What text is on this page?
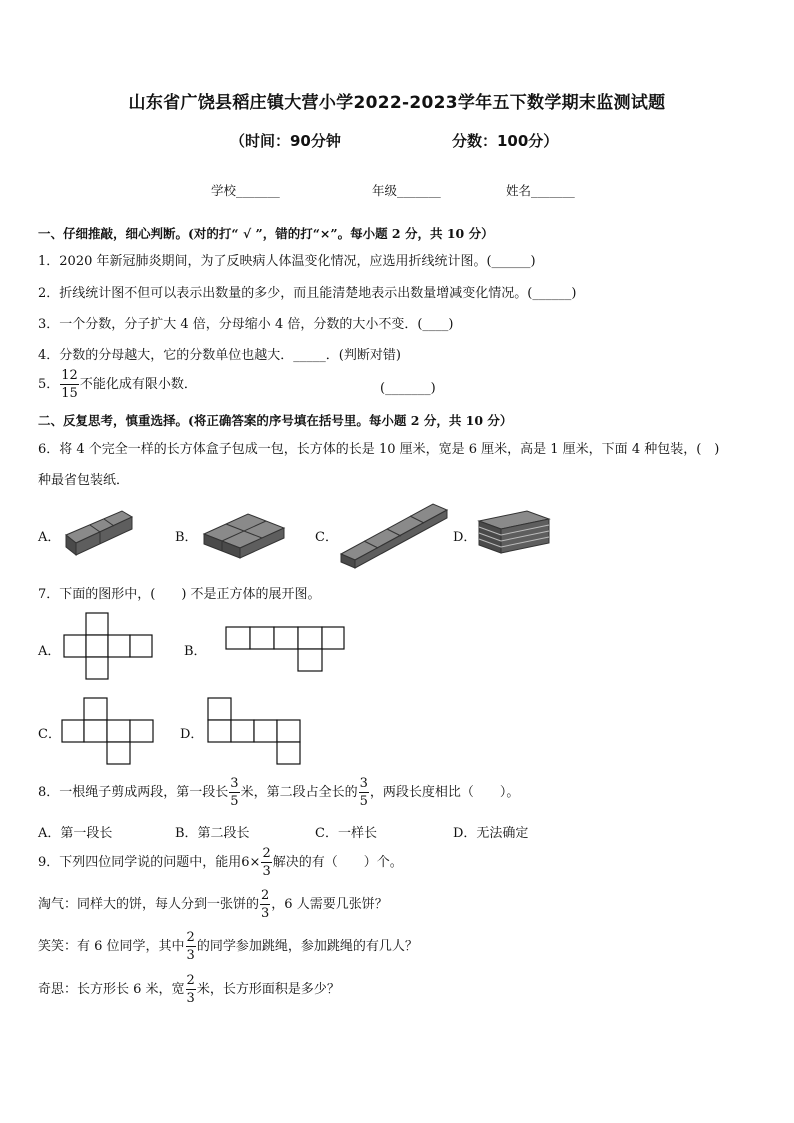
山东省广饶县稻庄镇大营小学2022-2023学年五下数学期末监测试题
（时间：90分钟	分数：100分）
学校_______	年级_______	姓名_______
一、仔细推敲，细心判断。(对的打“ √ ”，错的打“×”。每小题 2 分，共 10 分）
1．2020 年新冠肺炎期间，为了反映病人体温变化情况，应选用折线统计图。(______)
2．折线统计图不但可以表示出数量的多少，而且能清楚地表示出数量增减变化情况。(______)
3．一个分数，分子扩大 4 倍，分母缩小 4 倍，分数的大小不变．(____)
4．分数的分母越大，它的分数单位也越大．_____．(判断对错)
5． $\frac{12}{15}$ 不能化成有限小数．	(_______)
二、反复思考，慎重选择。(将正确答案的序号填在括号里。每小题 2 分，共 10 分）
6．将 4 个完全一样的长方体盒子包成一包，长方体的长是 10 厘米，宽是 6 厘米，高是 1 厘米，下面 4 种包装，(　)
种最省包装纸．
A．	B．	C．	D．
7．下面的图形中，(　　) 不是正方体的展开图。
A．	B．
C．	D．
8．一根绳子剪成两段，第一段长 $\frac{3}{5}$ 米，第二段占全长的 $\frac{3}{5}$ ，两段长度相比（　　）。
A．第一段长	B．第二段长	C．一样长	D．无法确定
9．下列四位同学说的问题中，能用$6\times \frac{2}{3}$ 解决的有（　　）个。
淘气：同样大的饼，每人分到一张饼的 $\frac{2}{3}$ ，6 人需要几张饼？
笑笑：有 6 位同学，其中 $\frac{2}{3}$ 的同学参加跳绳，参加跳绳的有几人？
奇思：长方形长 6 米，宽 $\frac{2}{3}$ 米，长方形面积是多少？
